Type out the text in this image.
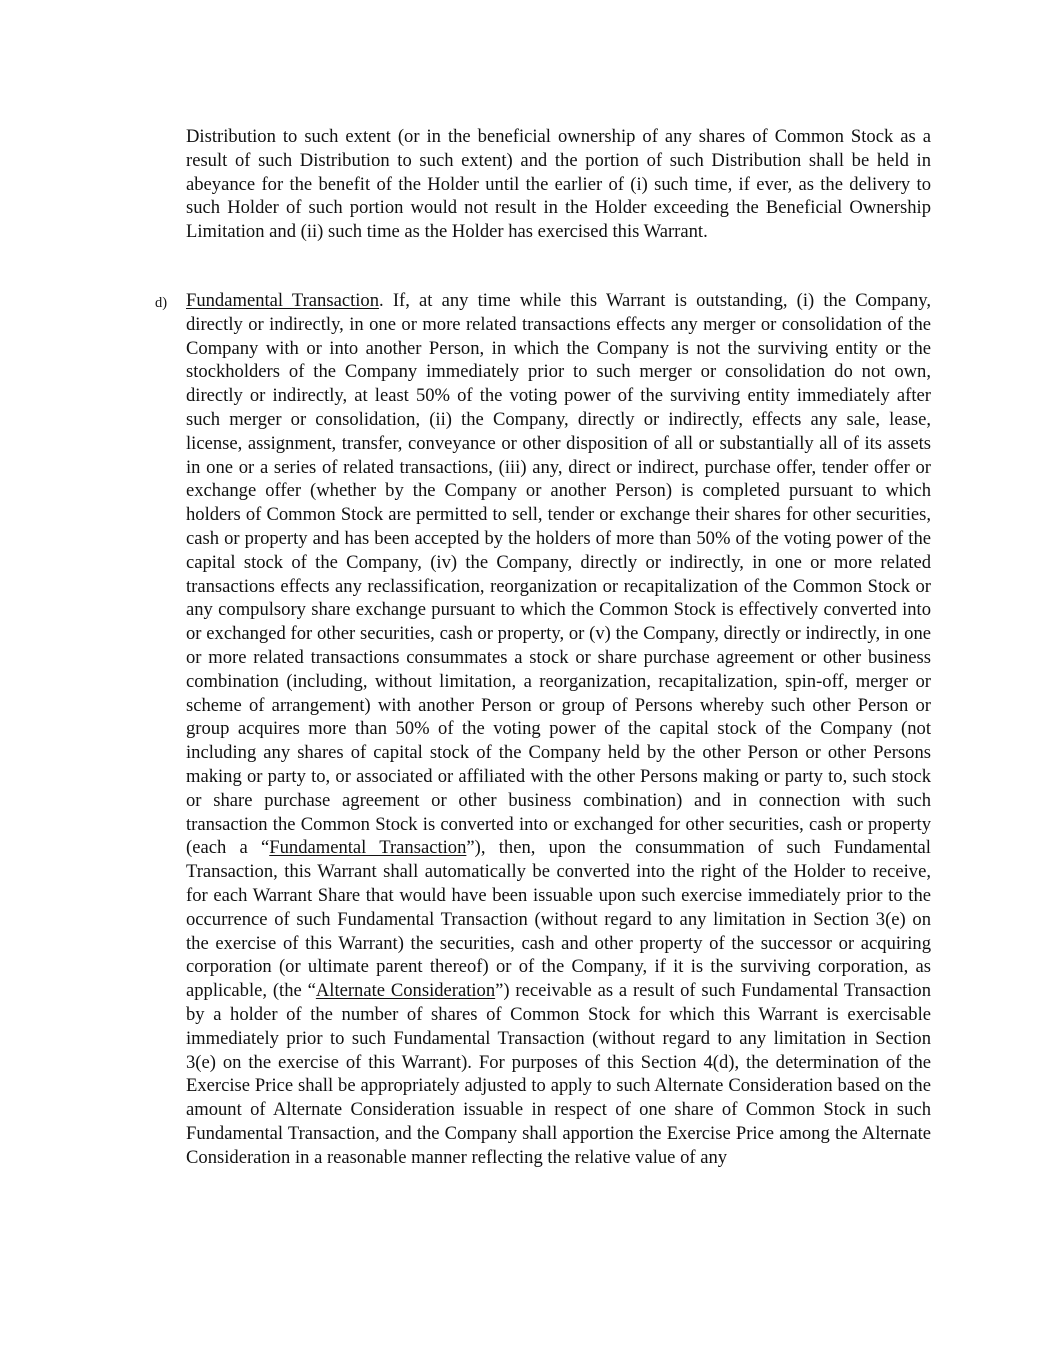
Distribution to such extent (or in the beneficial ownership of any shares of Common Stock as a result of such Distribution to such extent) and the portion of such Distribution shall be held in abeyance for the benefit of the Holder until the earlier of (i) such time, if ever, as the delivery to such Holder of such portion would not result in the Holder exceeding the Beneficial Ownership Limitation and (ii) such time as the Holder has exercised this Warrant.

d) Fundamental Transaction. If, at any time while this Warrant is outstanding, (i) the Company, directly or indirectly, in one or more related transactions effects any merger or consolidation of the Company with or into another Person, in which the Company is not the surviving entity or the stockholders of the Company immediately prior to such merger or consolidation do not own, directly or indirectly, at least 50% of the voting power of the surviving entity immediately after such merger or consolidation, (ii) the Company, directly or indirectly, effects any sale, lease, license, assignment, transfer, conveyance or other disposition of all or substantially all of its assets in one or a series of related transactions, (iii) any, direct or indirect, purchase offer, tender offer or exchange offer (whether by the Company or another Person) is completed pursuant to which holders of Common Stock are permitted to sell, tender or exchange their shares for other securities, cash or property and has been accepted by the holders of more than 50% of the voting power of the capital stock of the Company, (iv) the Company, directly or indirectly, in one or more related transactions effects any reclassification, reorganization or recapitalization of the Common Stock or any compulsory share exchange pursuant to which the Common Stock is effectively converted into or exchanged for other securities, cash or property, or (v) the Company, directly or indirectly, in one or more related transactions consummates a stock or share purchase agreement or other business combination (including, without limitation, a reorganization, recapitalization, spin-off, merger or scheme of arrangement) with another Person or group of Persons whereby such other Person or group acquires more than 50% of the voting power of the capital stock of the Company (not including any shares of capital stock of the Company held by the other Person or other Persons making or party to, or associated or affiliated with the other Persons making or party to, such stock or share purchase agreement or other business combination) and in connection with such transaction the Common Stock is converted into or exchanged for other securities, cash or property (each a “Fundamental Transaction”), then, upon the consummation of such Fundamental Transaction, this Warrant shall automatically be converted into the right of the Holder to receive, for each Warrant Share that would have been issuable upon such exercise immediately prior to the occurrence of such Fundamental Transaction (without regard to any limitation in Section 3(e) on the exercise of this Warrant) the securities, cash and other property of the successor or acquiring corporation (or ultimate parent thereof) or of the Company, if it is the surviving corporation, as applicable, (the “Alternate Consideration”) receivable as a result of such Fundamental Transaction by a holder of the number of shares of Common Stock for which this Warrant is exercisable immediately prior to such Fundamental Transaction (without regard to any limitation in Section 3(e) on the exercise of this Warrant). For purposes of this Section 4(d), the determination of the Exercise Price shall be appropriately adjusted to apply to such Alternate Consideration based on the amount of Alternate Consideration issuable in respect of one share of Common Stock in such Fundamental Transaction, and the Company shall apportion the Exercise Price among the Alternate Consideration in a reasonable manner reflecting the relative value of any
